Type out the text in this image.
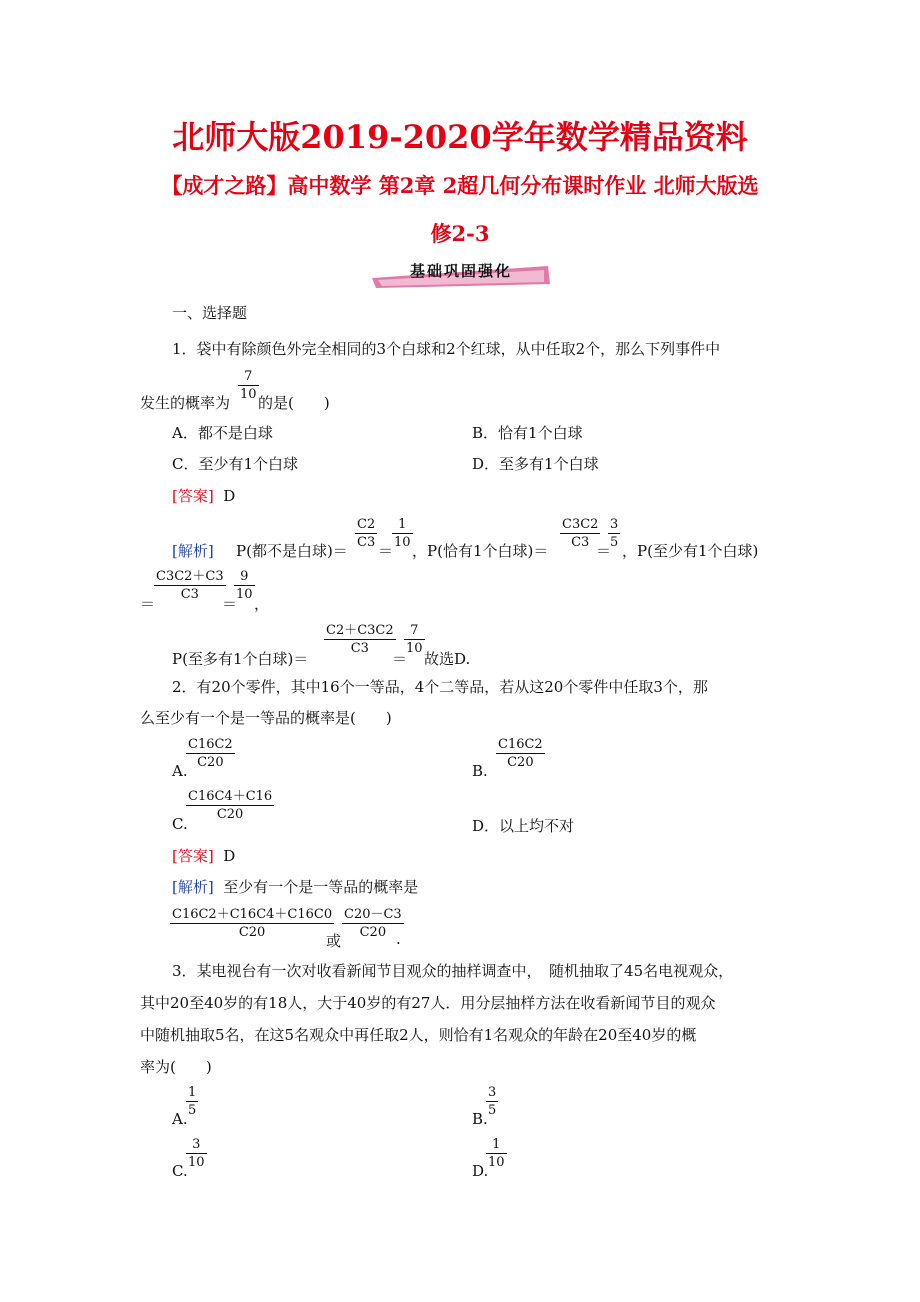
北师大版2019-2020学年数学精品资料
【成才之路】高中数学 第2章 2超几何分布课时作业 北师大版选
修2-3
基础巩固强化
一、选择题
1．袋中有除颜色外完全相同的3个白球和2个红球，从中任取2个，那么下列事件中
发生的概率为
7
10 的是(　　)
A．都不是白球	B．恰有1个白球
C．至少有1个白球	D．至多有1个白球
[答案] D
[解析] P(都不是白球)＝
C2
C3 ＝
1
10 ，P(恰有1个白球)＝
C3C2
C3 ＝
3
5 ，P(至少有1个白球)
＝
C3C2＋C3
C3
＝
9
10
，
P(至多有1个白球)＝
C2＋C3C2
C3
＝
7
10
故选D.
2．有20个零件，其中16个一等品，4个二等品，若从这20个零件中任取3个，那
么至少有一个是一等品的概率是(　　)
A.
C16C2
C20	B.
C16C2
C20
C.
C16C4＋C16
C20
D．以上均不对
[答案] D
[解析] 至少有一个是一等品的概率是
C16C2＋C16C4＋C16C0
C20	或
C20－C3
C20 .
3．某电视台有一次对收看新闻节目观众的抽样调查中，　随机抽取了45名电视观众，
其中20至40岁的有18人，大于40岁的有27人．用分层抽样方法在收看新闻节目的观众
中随机抽取5名，在这5名观众中再任取2人，则恰有1名观众的年龄在20至40岁的概
率为(　　)
A.
1
5	B.
3
5
C.
3
10	D.
1
10
